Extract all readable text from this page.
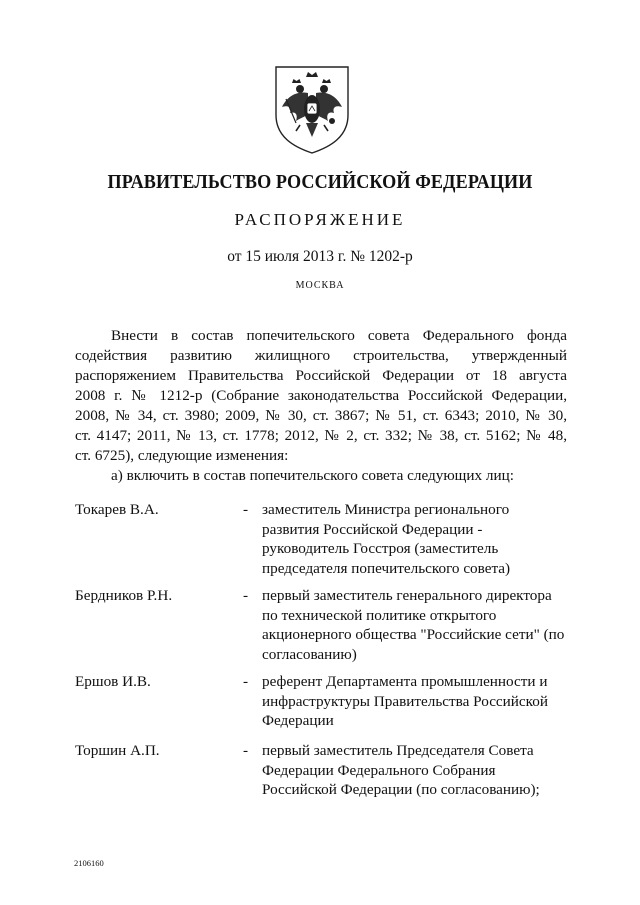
ПРАВИТЕЛЬСТВО РОССИЙСКОЙ ФЕДЕРАЦИИ
РАСПОРЯЖЕНИЕ
от 15 июля 2013 г. № 1202-р
МОСКВА
Внести в состав попечительского совета Федерального фонда
содействия развитию жилищного строительства, утвержденный
распоряжением Правительства Российской Федерации от 18 августа
2008 г. № 1212-р (Собрание законодательства Российской Федерации,
2008, № 34, ст. 3980; 2009, № 30, ст. 3867; № 51, ст. 6343; 2010, № 30,
ст. 4147; 2011, № 13, ст. 1778; 2012, № 2, ст. 332; № 38, ст. 5162; № 48,
ст. 6725), следующие изменения:
а) включить в состав попечительского совета следующих лиц:
Токарев В.А.	- заместитель Министра регионального
развития Российской Федерации -
руководитель Госстроя (заместитель
председателя попечительского совета)
Бердников Р.Н.	- первый заместитель генерального директора
по технической политике открытого
акционерного общества "Российские сети" (по
согласованию)
Ершов И.В.	- референт Департамента промышленности и
инфраструктуры Правительства Российской
Федерации
Торшин А.П.	- первый заместитель Председателя Совета
Федерации Федерального Собрания
Российской Федерации (по согласованию);
2106160
